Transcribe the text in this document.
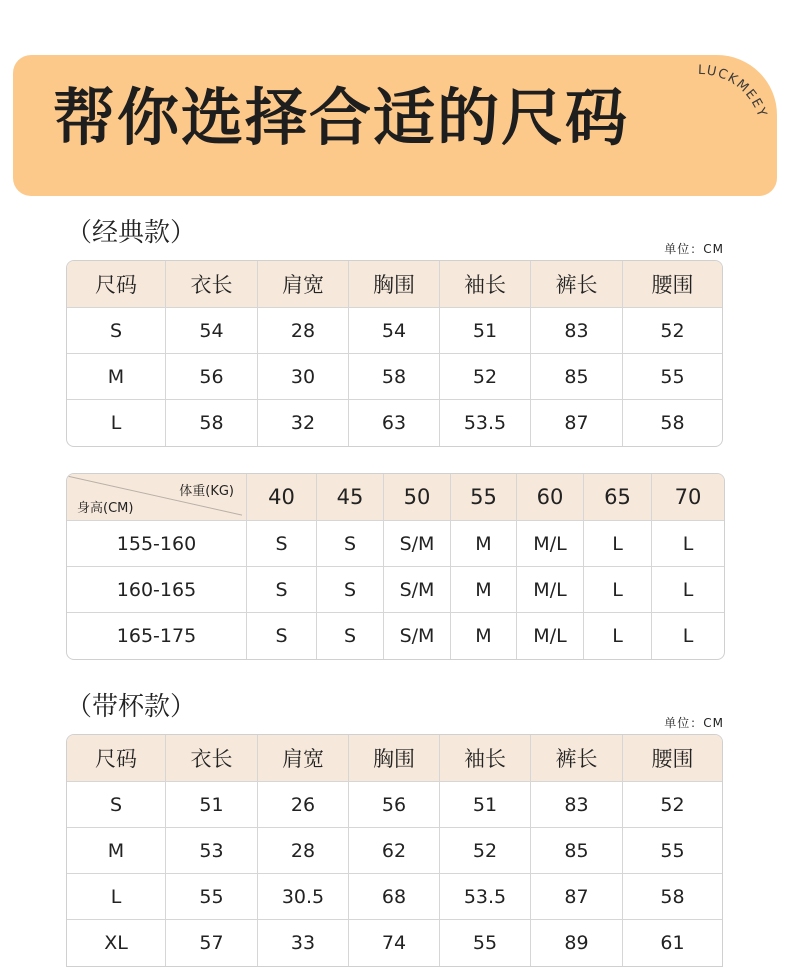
帮你选择合适的尺码
LUCKMEEY
（经典款）
单位：CM
尺码	衣长	肩宽	胸围	袖长	裤长	腰围
S	54	28	54	51	83	52
M	56	30	58	52	85	55
L	58	32	63	53.5	87	58
体重(KG)
身高(CM)	40	45	50	55	60	65	70
155-160	S	S	S/M	M	M/L	L	L
160-165	S	S	S/M	M	M/L	L	L
165-175	S	S	S/M	M	M/L	L	L
（带杯款）
单位：CM
尺码	衣长	肩宽	胸围	袖长	裤长	腰围
S	51	26	56	51	83	52
M	53	28	62	52	85	55
L	55	30.5	68	53.5	87	58
XL	57	33	74	55	89	61
